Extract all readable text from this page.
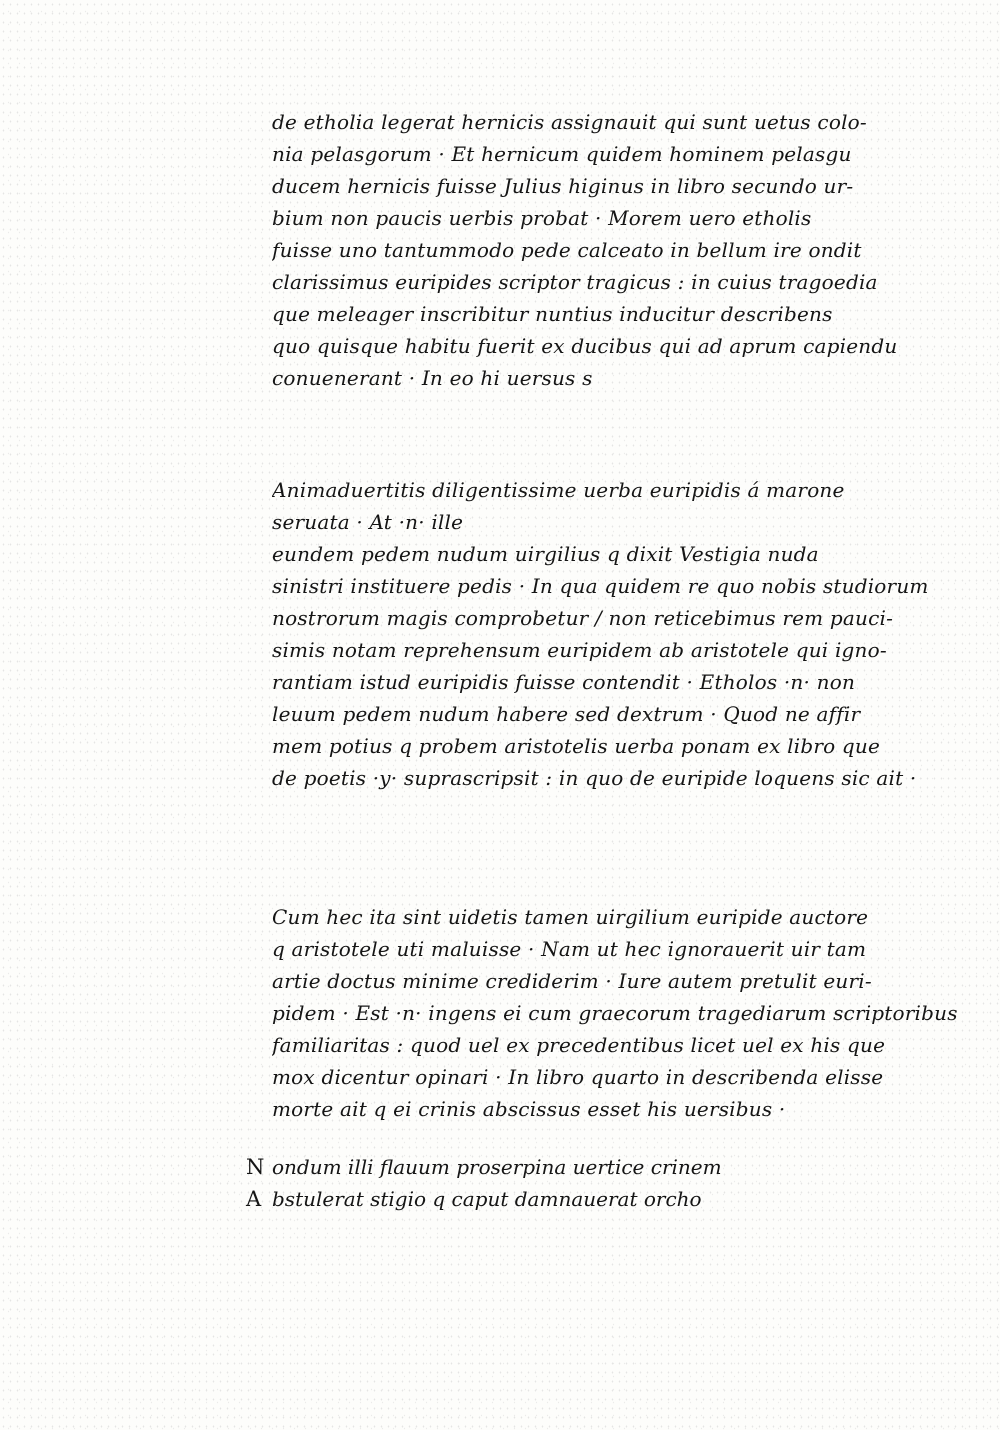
de etholia legerat hernicis assignauit qui sunt uetus colo-
nia pelasgorum · Et hernicum quidem hominem pelasgu
ducem hernicis fuisse Julius higinus in libro secundo ur-
bium non paucis uerbis probat · Morem uero etholis
fuisse uno tantummodo pede calceato in bellum ire ondit
clarissimus euripides scriptor tragicus : in cuius tragoedia
que meleager inscribitur nuntius inducitur describens
quo quisque habitu fuerit ex ducibus qui ad aprum capiendu
conuenerant · In eo hi uersus s
Animaduertitis diligentissime uerba euripidis á marone
seruata · At ·n· ille
eundem pedem nudum uirgilius q dixit Vestigia nuda
sinistri instituere pedis · In qua quidem re quo nobis studiorum
nostrorum magis comprobetur / non reticebimus rem pauci-
simis notam reprehensum euripidem ab aristotele qui igno-
rantiam istud euripidis fuisse contendit · Etholos ·n· non
leuum pedem nudum habere sed dextrum · Quod ne affir
mem potius q probem aristotelis uerba ponam ex libro que
de poetis ·y· suprascripsit : in quo de euripide loquens sic ait ·
Cum hec ita sint uidetis tamen uirgilium euripide auctore
q aristotele uti maluisse · Nam ut hec ignorauerit uir tam
artie doctus minime crediderim · Iure autem pretulit euri-
pidem · Est ·n· ingens ei cum graecorum tragediarum scriptoribus
familiaritas : quod uel ex precedentibus licet uel ex his que
mox dicentur opinari · In libro quarto in describenda elisse
morte ait q ei crinis abscissus esset his uersibus ·
N ondum illi flauum proserpina uertice crinem
A bstulerat stigio q caput damnauerat orcho
